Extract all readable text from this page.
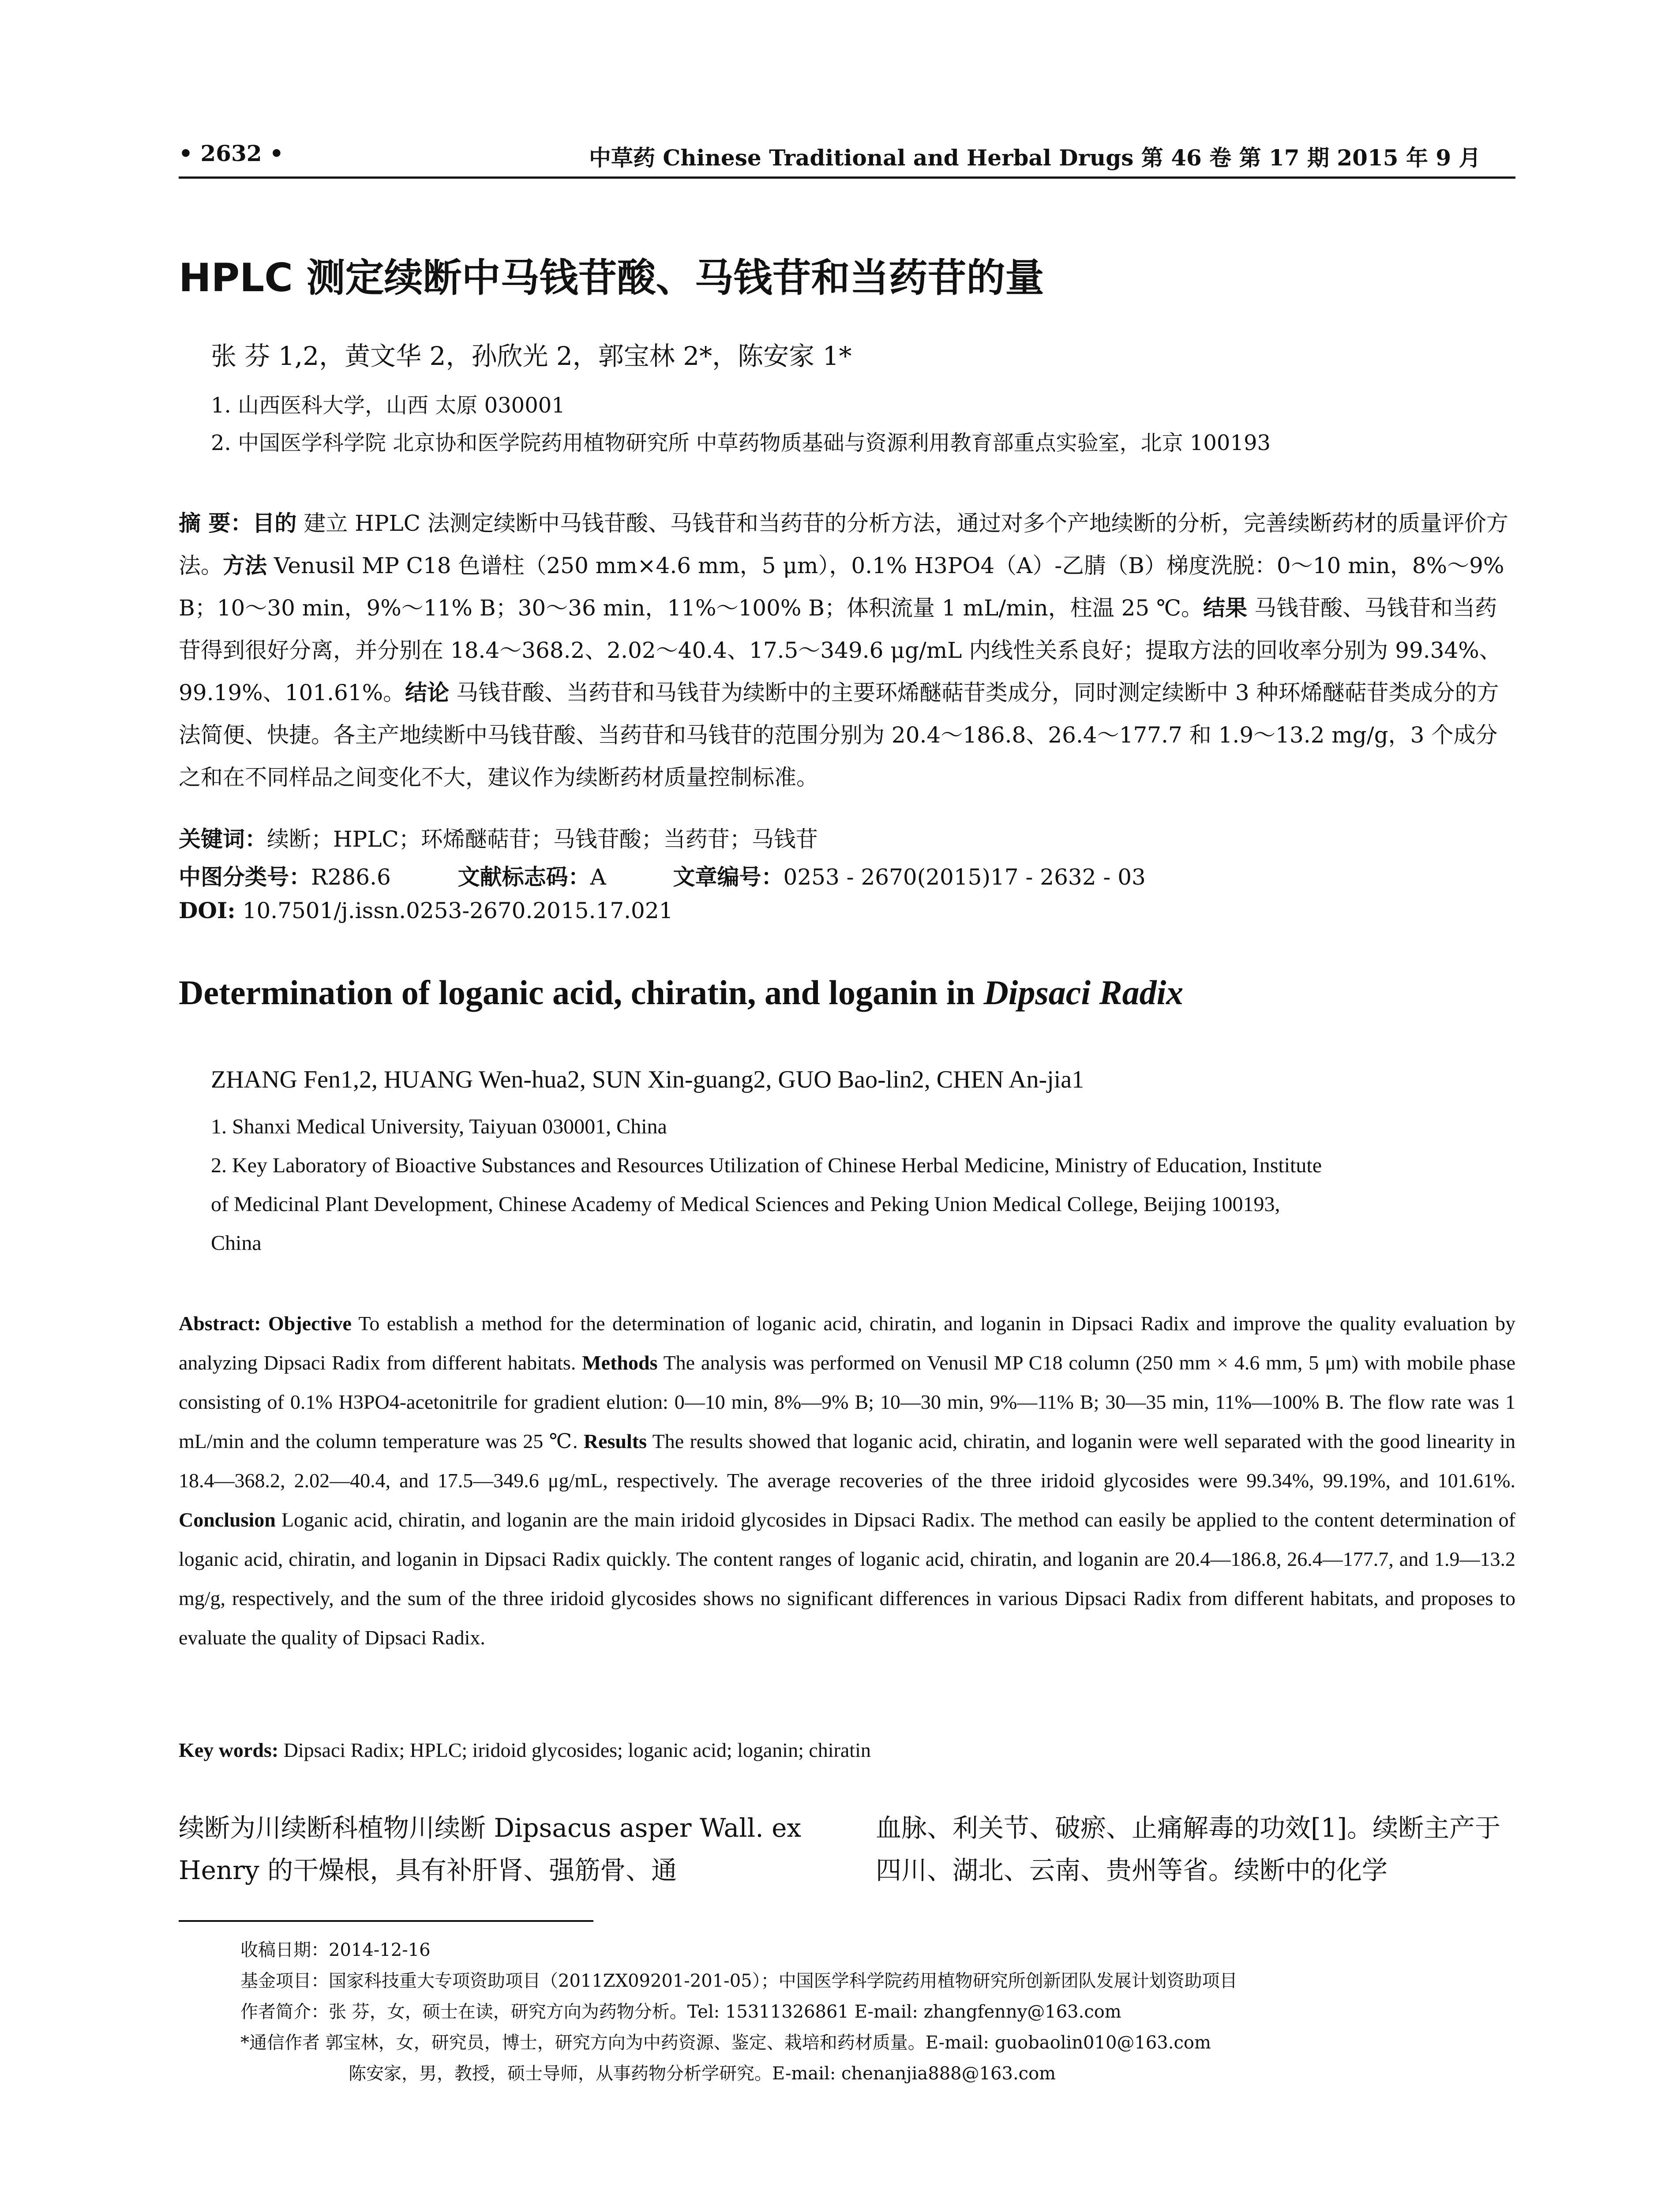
• 2632 •	中草药 Chinese Traditional and Herbal Drugs 第 46 卷 第 17 期 2015 年 9 月
HPLC 测定续断中马钱苷酸、马钱苷和当药苷的量
张 芬 1,2，黄文华 2，孙欣光 2，郭宝林 2*，陈安家 1*
1. 山西医科大学，山西 太原 030001
2. 中国医学科学院 北京协和医学院药用植物研究所 中草药物质基础与资源利用教育部重点实验室，北京 100193

摘 要：目的 建立 HPLC 法测定续断中马钱苷酸、马钱苷和当药苷的分析方法，通过对多个产地续断的分析，完善续断药材的质量评价方法。方法 Venusil MP C18 色谱柱（250 mm×4.6 mm，5 μm），0.1% H3PO4（A）-乙腈（B）梯度洗脱：0～10 min，8%～9% B；10～30 min，9%～11% B；30～36 min，11%～100% B；体积流量 1 mL/min，柱温 25 ℃。结果 马钱苷酸、马钱苷和当药苷得到很好分离，并分别在 18.4～368.2、2.02～40.4、17.5～349.6 μg/mL 内线性关系良好；提取方法的回收率分别为 99.34%、99.19%、101.61%。结论 马钱苷酸、当药苷和马钱苷为续断中的主要环烯醚萜苷类成分，同时测定续断中 3 种环烯醚萜苷类成分的方法简便、快捷。各主产地续断中马钱苷酸、当药苷和马钱苷的范围分别为 20.4～186.8、26.4～177.7 和 1.9～13.2 mg/g，3 个成分之和在不同样品之间变化不大，建议作为续断药材质量控制标准。

关键词：续断；HPLC；环烯醚萜苷；马钱苷酸；当药苷；马钱苷
中图分类号：R286.6	文献标志码：A	文章编号：0253 - 2670(2015)17 - 2632 - 03
DOI: 10.7501/j.issn.0253-2670.2015.17.021
Determination of loganic acid, chiratin, and loganin in Dipsaci Radix
ZHANG Fen1,2, HUANG Wen-hua2, SUN Xin-guang2, GUO Bao-lin2, CHEN An-jia1

1. Shanxi Medical University, Taiyuan 030001, China

2. Key Laboratory of Bioactive Substances and Resources Utilization of Chinese Herbal Medicine, Ministry of Education, Institute

of Medicinal Plant Development, Chinese Academy of Medical Sciences and Peking Union Medical College, Beijing 100193,

China

Abstract: Objective To establish a method for the determination of loganic acid, chiratin, and loganin in Dipsaci Radix and improve the quality evaluation by analyzing Dipsaci Radix from different habitats. Methods The analysis was performed on Venusil MP C18 column (250 mm × 4.6 mm, 5 μm) with mobile phase consisting of 0.1% H3PO4-acetonitrile for gradient elution: 0—10 min, 8%—9% B; 10—30 min, 9%—11% B; 30—35 min, 11%—100% B. The flow rate was 1 mL/min and the column temperature was 25 ℃. Results The results showed that loganic acid, chiratin, and loganin were well separated with the good linearity in 18.4—368.2, 2.02—40.4, and 17.5—349.6 μg/mL, respectively. The average recoveries of the three iridoid glycosides were 99.34%, 99.19%, and 101.61%. Conclusion Loganic acid, chiratin, and loganin are the main iridoid glycosides in Dipsaci Radix. The method can easily be applied to the content determination of loganic acid, chiratin, and loganin in Dipsaci Radix quickly. The content ranges of loganic acid, chiratin, and loganin are 20.4—186.8, 26.4—177.7, and 1.9—13.2 mg/g, respectively, and the sum of the three iridoid glycosides shows no significant differences in various Dipsaci Radix from different habitats, and proposes to evaluate the quality of Dipsaci Radix.

Key words: Dipsaci Radix; HPLC; iridoid glycosides; loganic acid; loganin; chiratin
续断为川续断科植物川续断 Dipsacus asper Wall. ex Henry 的干燥根，具有补肝肾、强筋骨、通
血脉、利关节、破瘀、止痛解毒的功效[1]。续断主产于四川、湖北、云南、贵州等省。续断中的化学
收稿日期：2014-12-16
基金项目：国家科技重大专项资助项目（2011ZX09201-201-05）；中国医学科学院药用植物研究所创新团队发展计划资助项目
作者简介：张 芬，女，硕士在读，研究方向为药物分析。Tel: 15311326861 E-mail: zhangfenny@163.com
*通信作者 郭宝林，女，研究员，博士，研究方向为中药资源、鉴定、栽培和药材质量。E-mail: guobaolin010@163.com
陈安家，男，教授，硕士导师，从事药物分析学研究。E-mail: chenanjia888@163.com
